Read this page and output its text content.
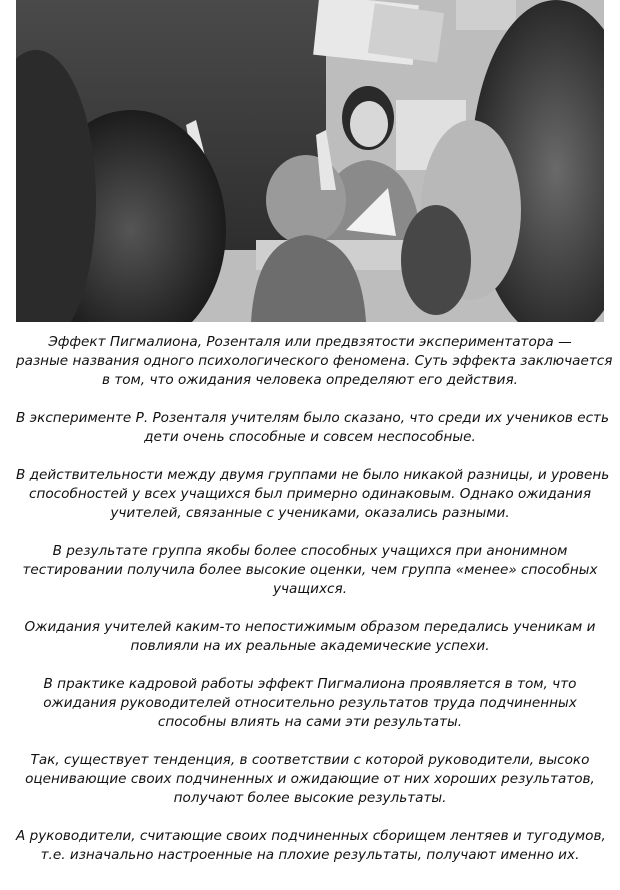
Эффект Пигмалиона, Розенталя или предвзятости экспериментатора —
разные названия одного психологического феномена. Суть эффекта заключается
в том, что ожидания человека определяют его действия.

В эксперименте Р. Розенталя учителям было сказано, что среди их учеников есть
дети очень способные и совсем неспособные.

В действительности между двумя группами не было никакой разницы, и уровень
способностей у всех учащихся был примерно одинаковым. Однако ожидания
учителей, связанные с учениками, оказались разными.

В результате группа якобы более способных учащихся при анонимном
тестировании получила более высокие оценки, чем группа «менее» способных
учащихся.

Ожидания учителей каким-то непостижимым образом передались ученикам и
повлияли на их реальные академические успехи.

В практике кадровой работы эффект Пигмалиона проявляется в том, что
ожидания руководителей относительно результатов труда подчиненных
способны влиять на сами эти результаты.

Так, существует тенденция, в соответствии с которой руководители, высоко
оценивающие своих подчиненных и ожидающие от них хороших результатов,
получают более высокие результаты.

А руководители, считающие своих подчиненных сборищем лентяев и тугодумов,
т.е. изначально настроенные на плохие результаты, получают именно их.
